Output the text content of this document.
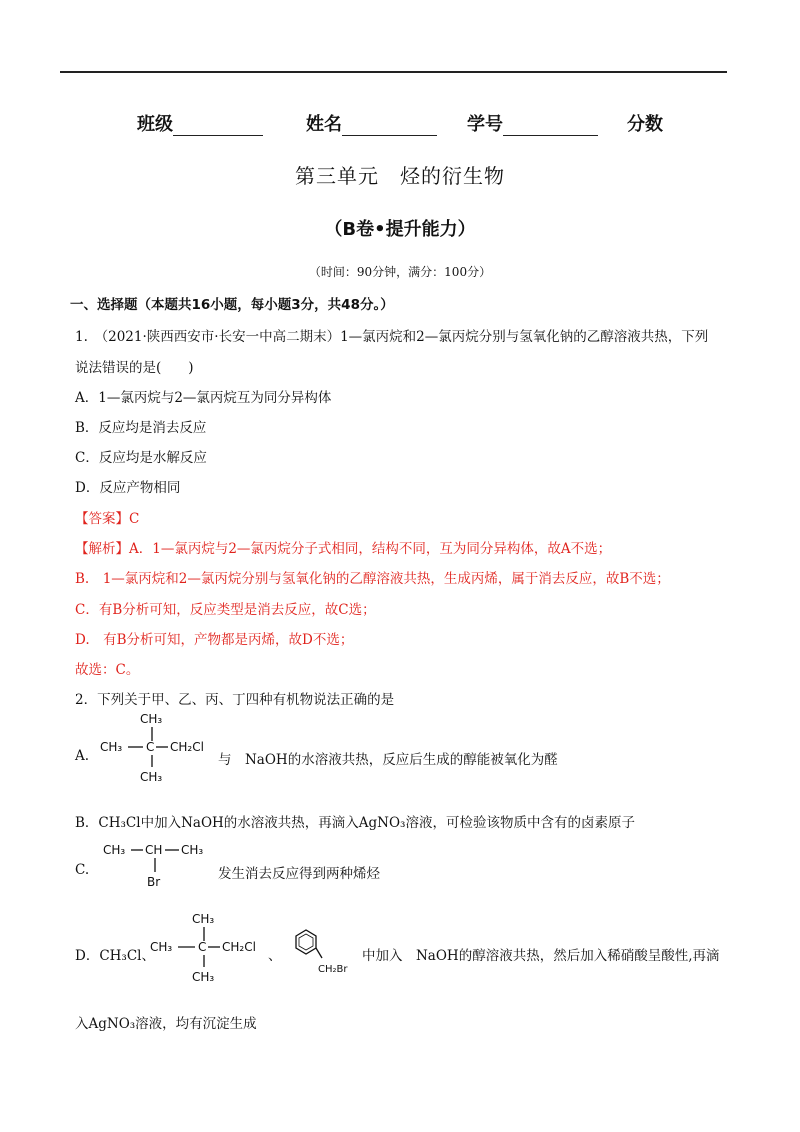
班级	姓名	学号	分数
第三单元　烃的衍生物
（B卷•提升能力）
（时间：90分钟，满分：100分）
一、选择题（本题共16小题，每小题3分，共48分。）
1.　（2021·陕西西安市·长安一中高二期末）1—氯丙烷和2—氯丙烷分别与氢氧化钠的乙醇溶液共热，下列
说法错误的是(　　)
A．1—氯丙烷与2—氯丙烷互为同分异构体
B．反应均是消去反应
C．反应均是水解反应
D．反应产物相同
【答案】C
【解析】A．1—氯丙烷与2—氯丙烷分子式相同，结构不同，互为同分异构体，故A不选；
B.　1—氯丙烷和2—氯丙烷分别与氢氧化钠的乙醇溶液共热，生成丙烯，属于消去反应，故B不选；
C．有B分析可知，反应类型是消去反应，故C选；
D.　有B分析可知，产物都是丙烯，故D不选；
故选：C。
2．下列关于甲、乙、丙、丁四种有机物说法正确的是
A.
CH₃
CH₃ C CH₂Cl
CH₃
与　NaOH的水溶液共热，反应后生成的醇能被氧化为醛
B．CH₃Cl中加入NaOH的水溶液共热，再滴入AgNO₃溶液，可检验该物质中含有的卤素原子
C.
CH₃ CH CH₃
Br	发生消去反应得到两种烯烃
D．CH₃Cl、
CH₃
CH₃ C CH₂Cl
CH₃
、
CH₂Br
中加入　NaOH的醇溶液共热，然后加入稀硝酸呈酸性,再滴
入AgNO₃溶液，均有沉淀生成
